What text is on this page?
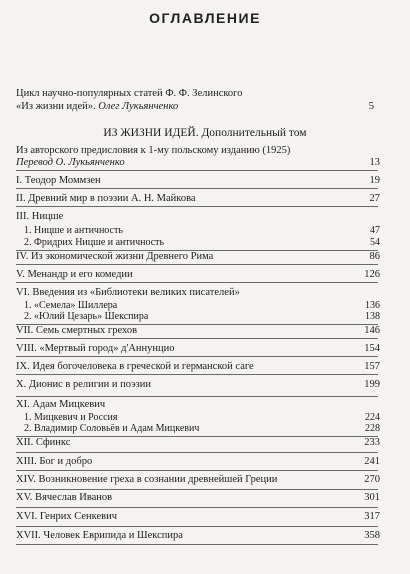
ОГЛАВЛЕНИЕ
Цикл научно-популярных статей Ф. Ф. Зелинского
«Из жизни идей». Олег Лукьянченко	5
ИЗ ЖИЗНИ ИДЕЙ. Дополнительный том
Из авторского предисловия к 1-му польскому изданию (1925)
Перевод О. Лукьянченко	13
I. Теодор Моммзен	19
II. Древний мир в поэзии А. Н. Майкова	27
III. Ницше
1. Ницше и античность	47
2. Фридрих Ницше и античность	54
IV. Из экономической жизни Древнего Рима	86
V. Менандр и его комедии	126
VI. Введения из «Библиотеки великих писателей»
1. «Семела» Шиллера	136
2. «Юлий Цезарь» Шекспира	138
VII. Семь смертных грехов	146
VIII. «Мертвый город» д'Аннунцио	154
IX. Идея богочеловека в греческой и германской саге	157
X. Дионис в религии и поэзии	199
XI. Адам Мицкевич
1. Мицкевич и Россия	224
2. Владимир Соловьёв и Адам Мицкевич	228
XII. Сфинкс	233
XIII. Бог и добро	241
XIV. Возникновение греха в сознании древнейшей Греции	270
XV. Вячеслав Иванов	301
XVI. Генрих Сенкевич	317
XVII. Человек Еврипида и Шекспира	358
